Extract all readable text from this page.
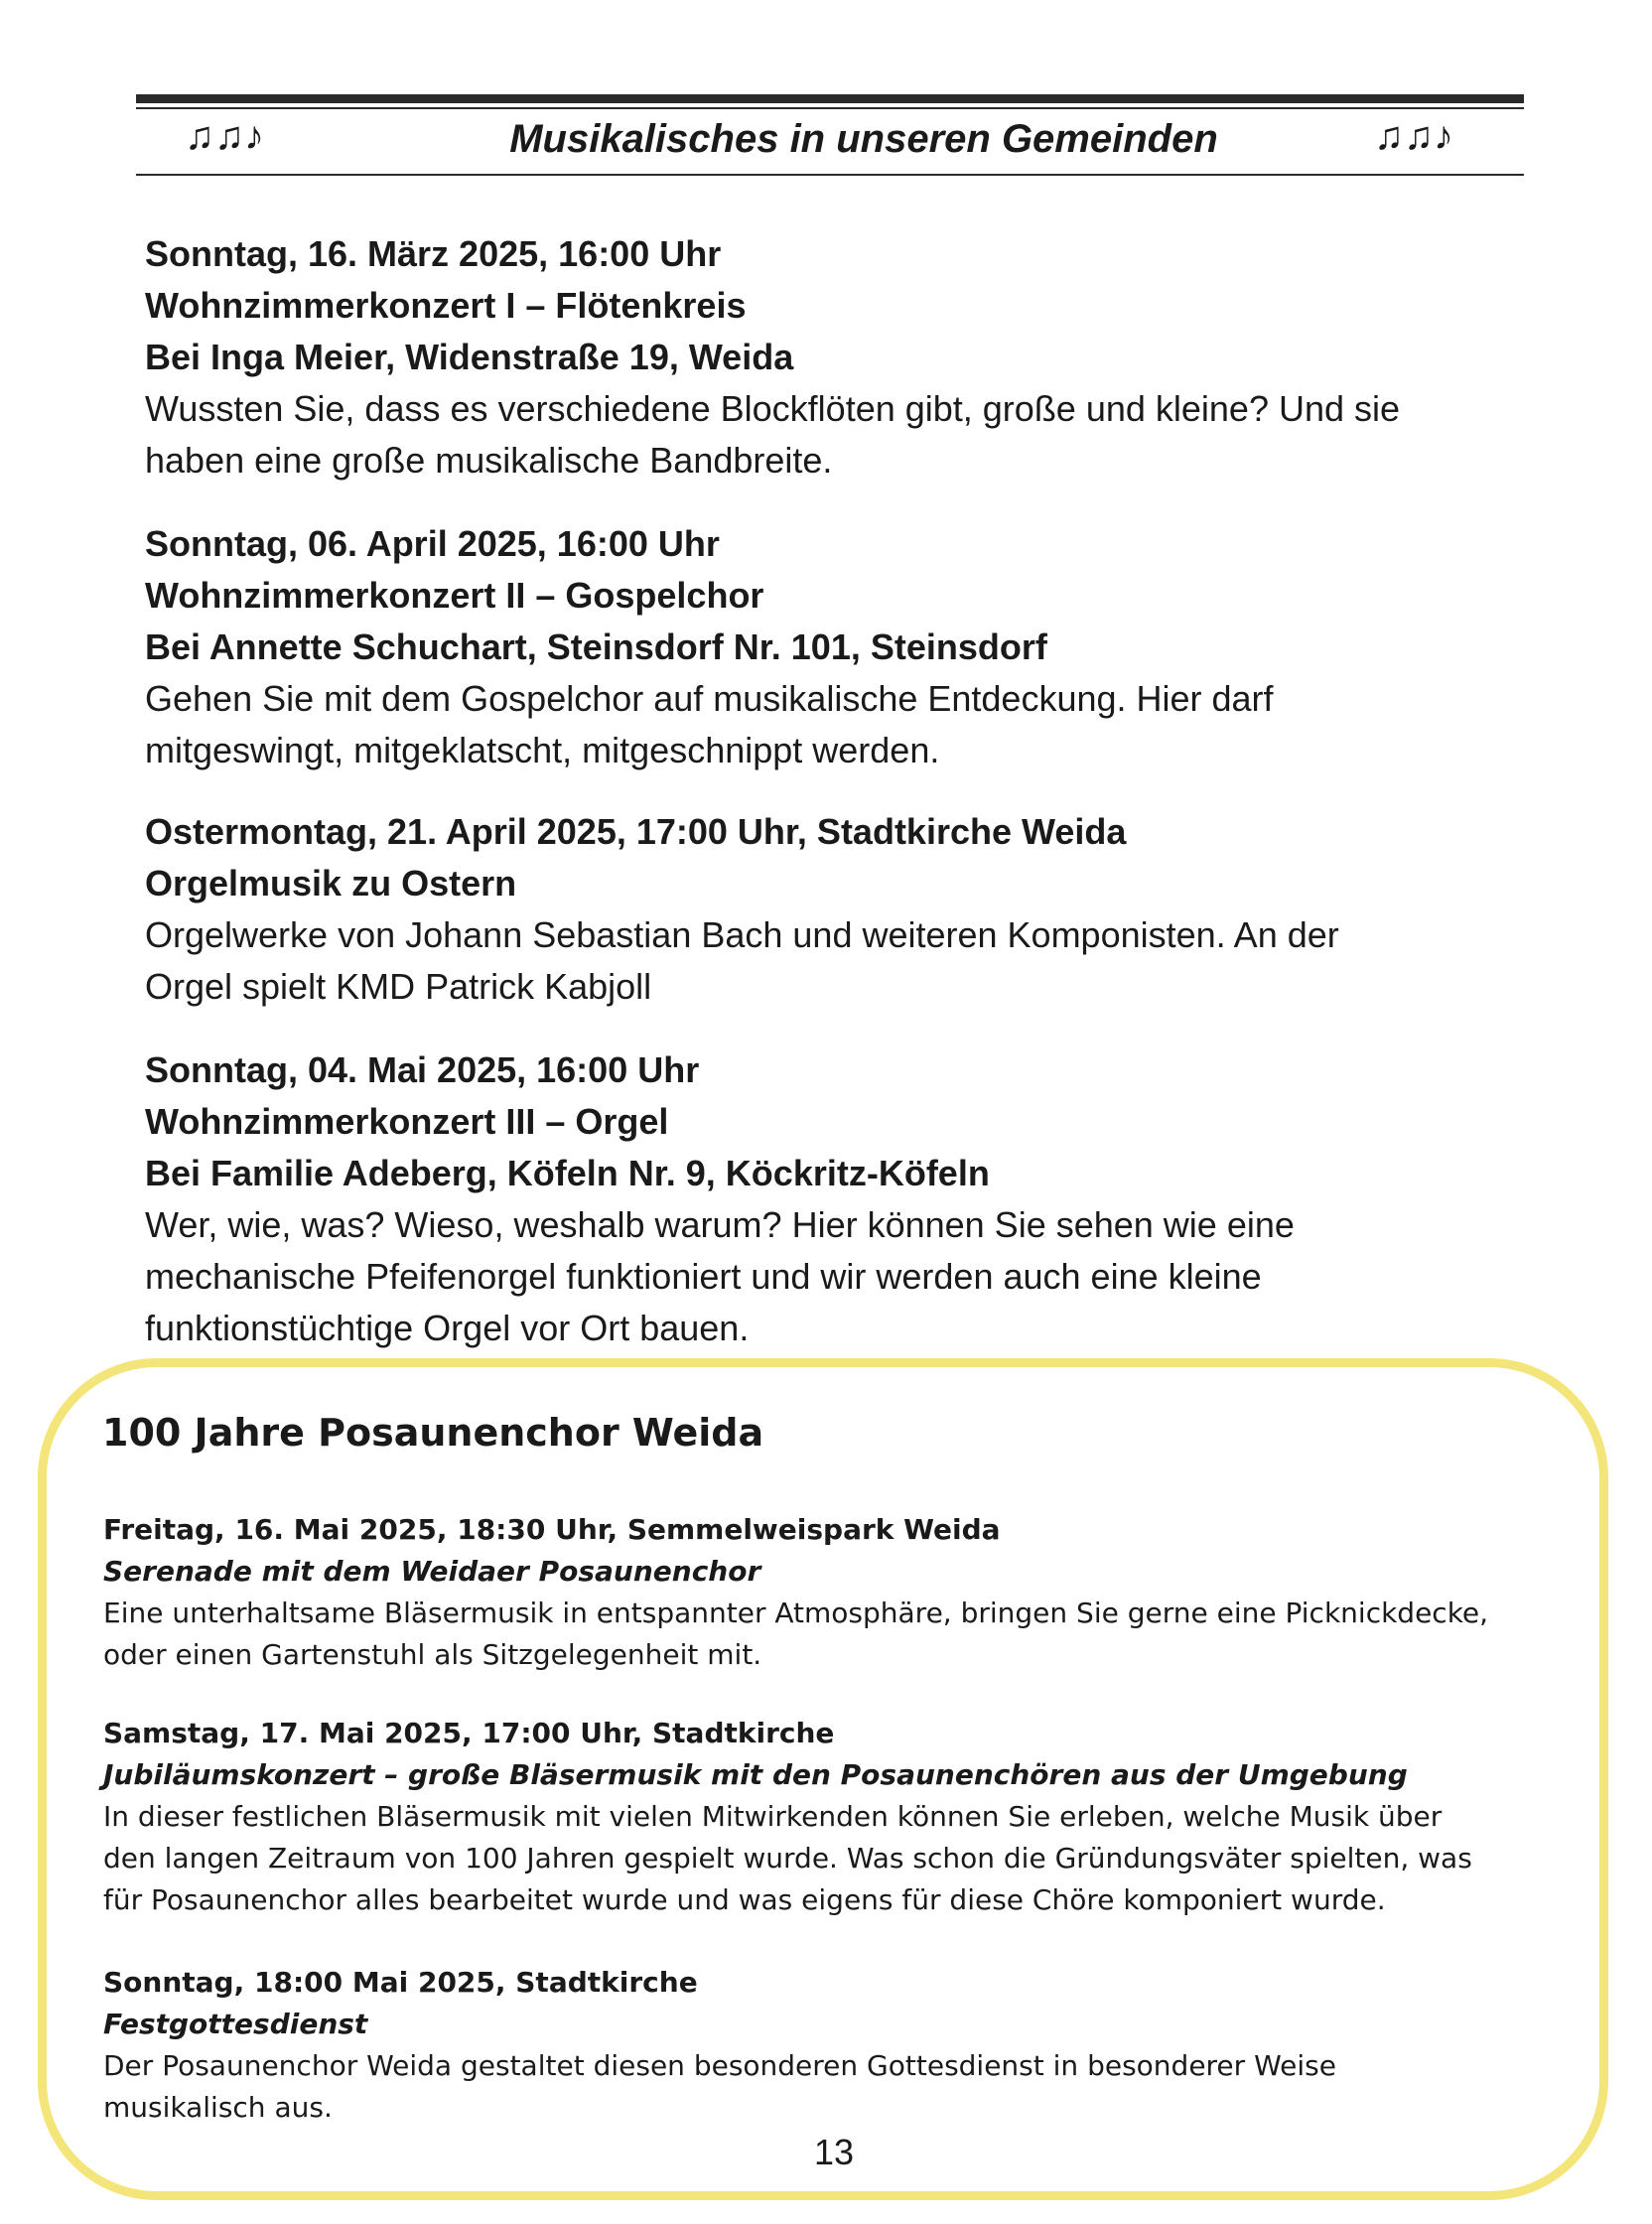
♫♫♪	Musikalisches in unseren Gemeinden	♫♫♪
Sonntag, 16. März 2025, 16:00 Uhr
Wohnzimmerkonzert I – Flötenkreis
Bei Inga Meier, Widenstraße 19, Weida
Wussten Sie, dass es verschiedene Blockflöten gibt, große und kleine? Und sie
haben eine große musikalische Bandbreite.
Sonntag, 06. April 2025, 16:00 Uhr
Wohnzimmerkonzert II – Gospelchor
Bei Annette Schuchart, Steinsdorf Nr. 101, Steinsdorf
Gehen Sie mit dem Gospelchor auf musikalische Entdeckung. Hier darf
mitgeswingt, mitgeklatscht, mitgeschnippt werden.
Ostermontag, 21. April 2025, 17:00 Uhr, Stadtkirche Weida
Orgelmusik zu Ostern
Orgelwerke von Johann Sebastian Bach und weiteren Komponisten. An der
Orgel spielt KMD Patrick Kabjoll
Sonntag, 04. Mai 2025, 16:00 Uhr
Wohnzimmerkonzert III – Orgel
Bei Familie Adeberg, Köfeln Nr. 9, Köckritz-Köfeln
Wer, wie, was? Wieso, weshalb warum? Hier können Sie sehen wie eine
mechanische Pfeifenorgel funktioniert und wir werden auch eine kleine
funktionstüchtige Orgel vor Ort bauen.
100 Jahre Posaunenchor Weida
Freitag, 16. Mai 2025, 18:30 Uhr, Semmelweispark Weida
Serenade mit dem Weidaer Posaunenchor
Eine unterhaltsame Bläsermusik in entspannter Atmosphäre, bringen Sie gerne eine Picknickdecke,
oder einen Gartenstuhl als Sitzgelegenheit mit.
Samstag, 17. Mai 2025, 17:00 Uhr, Stadtkirche
Jubiläumskonzert – große Bläsermusik mit den Posaunenchören aus der Umgebung
In dieser festlichen Bläsermusik mit vielen Mitwirkenden können Sie erleben, welche Musik über
den langen Zeitraum von 100 Jahren gespielt wurde. Was schon die Gründungsväter spielten, was
für Posaunenchor alles bearbeitet wurde und was eigens für diese Chöre komponiert wurde.
Sonntag, 18:00 Mai 2025, Stadtkirche
Festgottesdienst
Der Posaunenchor Weida gestaltet diesen besonderen Gottesdienst in besonderer Weise
musikalisch aus.
13
